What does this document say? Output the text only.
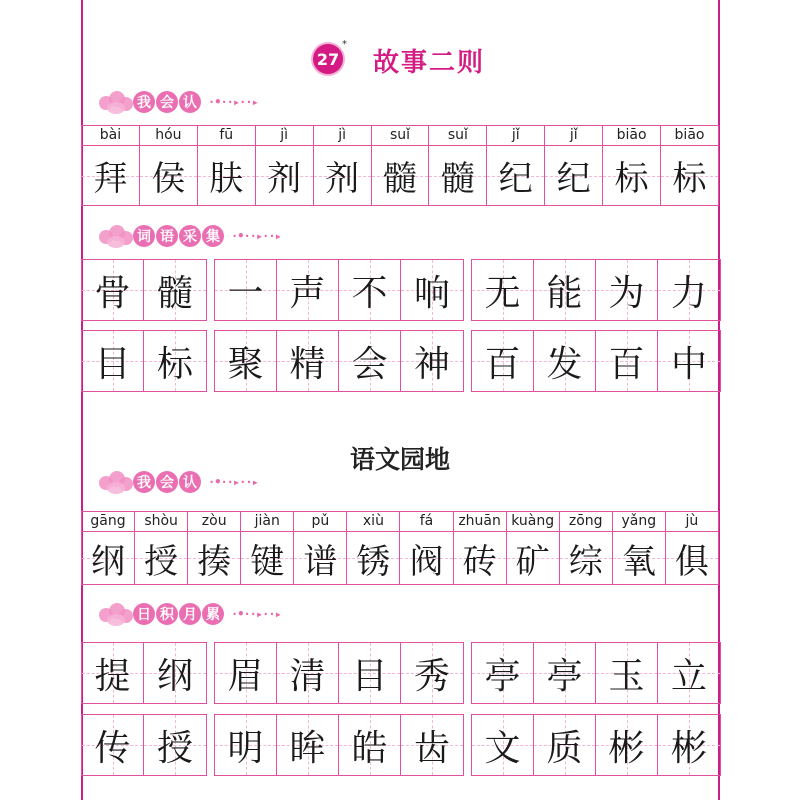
27
*
故事二则
我 会 认 ·•··▸··▸
bài
拜
hóu
侯
fū
肤
jì
剂
jì
剂
suǐ
髓
suǐ
髓
jǐ
纪
jǐ
纪
biāo
标
biāo
标
词 语 采 集 ·•··▸··▸
骨 髓 一 声 不 响 无 能 为 力
目 标 聚 精 会 神 百 发 百 中
语文园地
我 会 认 ·•··▸··▸
gāng
纲
shòu
授
zòu
揍
jiàn
键
pǔ
谱
xiù
锈
fá
阀
zhuān
砖
kuàng
矿
zōng
综
yǎng
氧
jù
俱
日 积 月 累 ·•··▸··▸
提 纲 眉 清 目 秀 亭 亭 玉 立
传 授 明 眸 皓 齿 文 质 彬 彬
